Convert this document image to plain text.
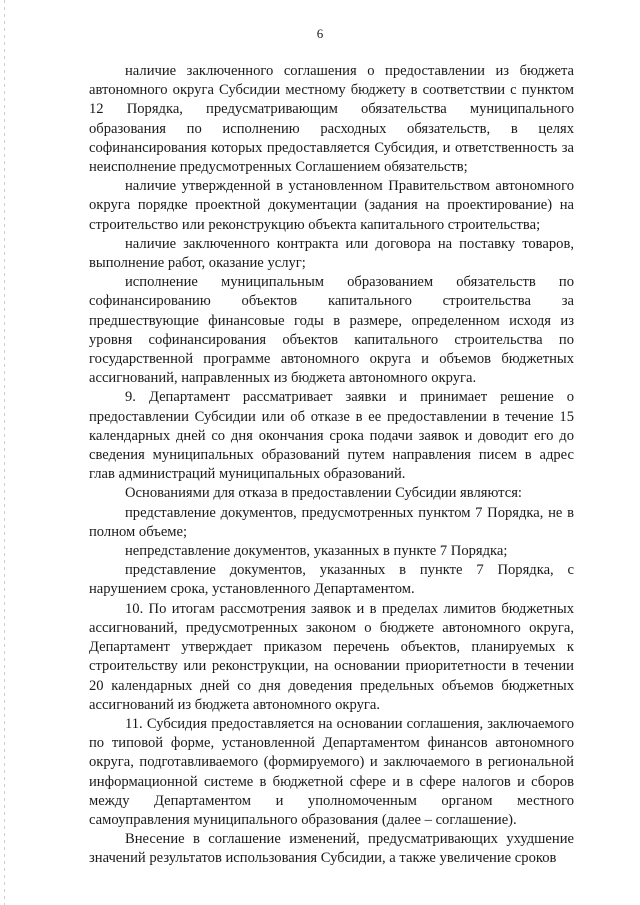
6

наличие заключенного соглашения о предоставлении из бюджета автономного округа Субсидии местному бюджету в соответствии с пунктом 12 Порядка, предусматривающим обязательства муниципального образования по исполнению расходных обязательств, в целях софинансирования которых предоставляется Субсидия, и ответственность за неисполнение предусмотренных Соглашением обязательств;

наличие утвержденной в установленном Правительством автономного округа порядке проектной документации (задания на проектирование) на строительство или реконструкцию объекта капитального строительства;

наличие заключенного контракта или договора на поставку товаров, выполнение работ, оказание услуг;

исполнение муниципальным образованием обязательств по софинансированию объектов капитального строительства за предшествующие финансовые годы в размере, определенном исходя из уровня софинансирования объектов капитального строительства по государственной программе автономного округа и объемов бюджетных ассигнований, направленных из бюджета автономного округа.

9. Департамент рассматривает заявки и принимает решение о предоставлении Субсидии или об отказе в ее предоставлении в течение 15 календарных дней со дня окончания срока подачи заявок и доводит его до сведения муниципальных образований путем направления писем в адрес глав администраций муниципальных образований.

Основаниями для отказа в предоставлении Субсидии являются:

представление документов, предусмотренных пунктом 7 Порядка, не в полном объеме;

непредставление документов, указанных в пункте 7 Порядка;

представление документов, указанных в пункте 7 Порядка, с нарушением срока, установленного Департаментом.

10. По итогам рассмотрения заявок и в пределах лимитов бюджетных ассигнований, предусмотренных законом о бюджете автономного округа, Департамент утверждает приказом перечень объектов, планируемых к строительству или реконструкции, на основании приоритетности в течении 20 календарных дней со дня доведения предельных объемов бюджетных ассигнований из бюджета автономного округа.

11. Субсидия предоставляется на основании соглашения, заключаемого по типовой форме, установленной Департаментом финансов автономного округа, подготавливаемого (формируемого) и заключаемого в региональной информационной системе в бюджетной сфере и в сфере налогов и сборов между Департаментом и уполномоченным органом местного самоуправления муниципального образования (далее – соглашение).

Внесение в соглашение изменений, предусматривающих ухудшение значений результатов использования Субсидии, а также увеличение сроков
